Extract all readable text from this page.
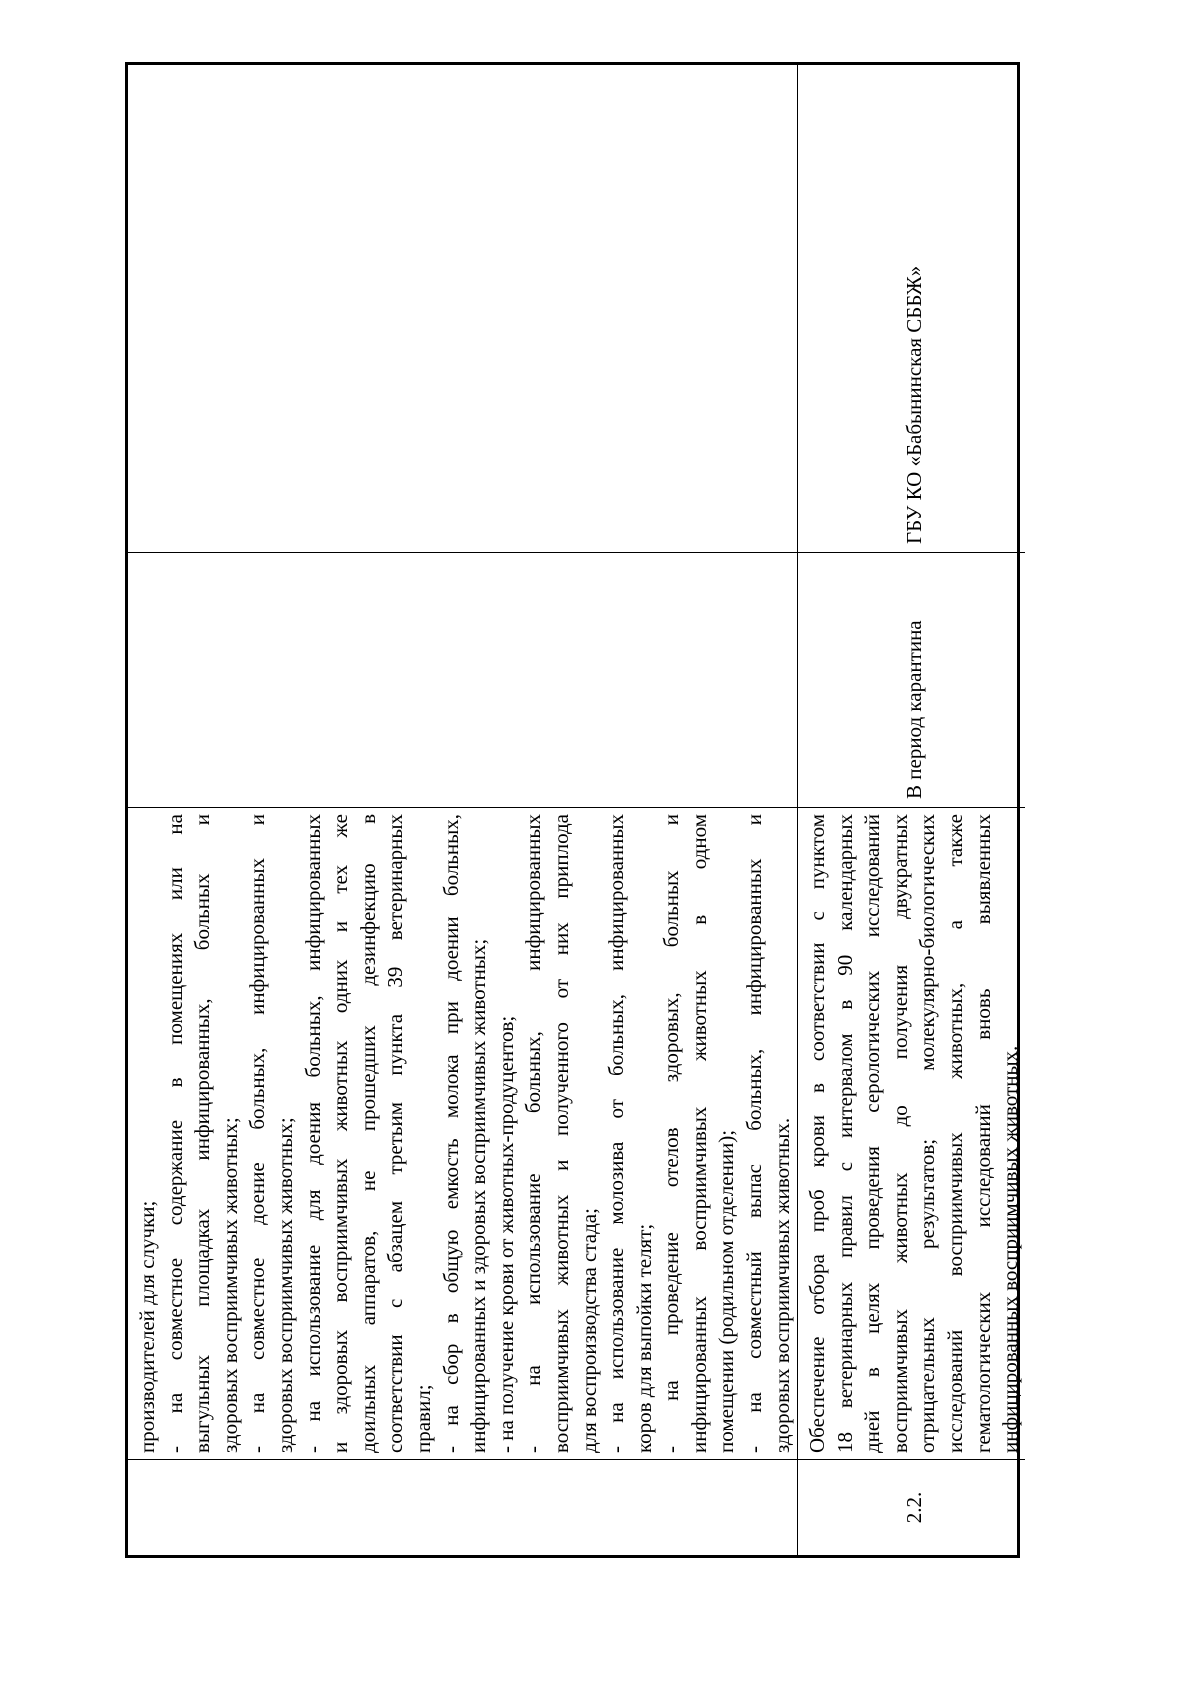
производителей для случки; - на совместное содержание в помещениях или на выгульных площадках инфицированных, больных и здоровых восприимчивых животных; - на совместное доение больных, инфицированных и здоровых восприимчивых животных; - на использование для доения больных, инфицированных и здоровых восприимчивых животных одних и тех же доильных аппаратов, не прошедших дезинфекцию в соответствии с абзацем третьим пункта 39 ветеринарных правил; - на сбор в общую емкость молока при доении больных, инфицированных и здоровых восприимчивых животных; - на получение крови от животных-продуцентов; - на использование больных, инфицированных восприимчивых животных и полученного от них приплода для воспроизводства стада; - на использование молозива от больных, инфицированных коров для выпойки телят; - на проведение отелов здоровых, больных и инфицированных восприимчивых животных в одном помещении (родильном отделении); - на совместный выпас больных, инфицированных и здоровых восприимчивых животных.
2.2.
Обеспечение отбора проб крови в соответствии с пунктом 18 ветеринарных правил с интервалом в 90 календарных дней в целях проведения серологических исследований восприимчивых животных до получения двукратных отрицательных результатов; молекулярно-биологических исследований восприимчивых животных, а также гематологических исследований вновь выявленных инфицированных восприимчивых животных.
В период карантина
ГБУ КО «Бабынинская СББЖ»
